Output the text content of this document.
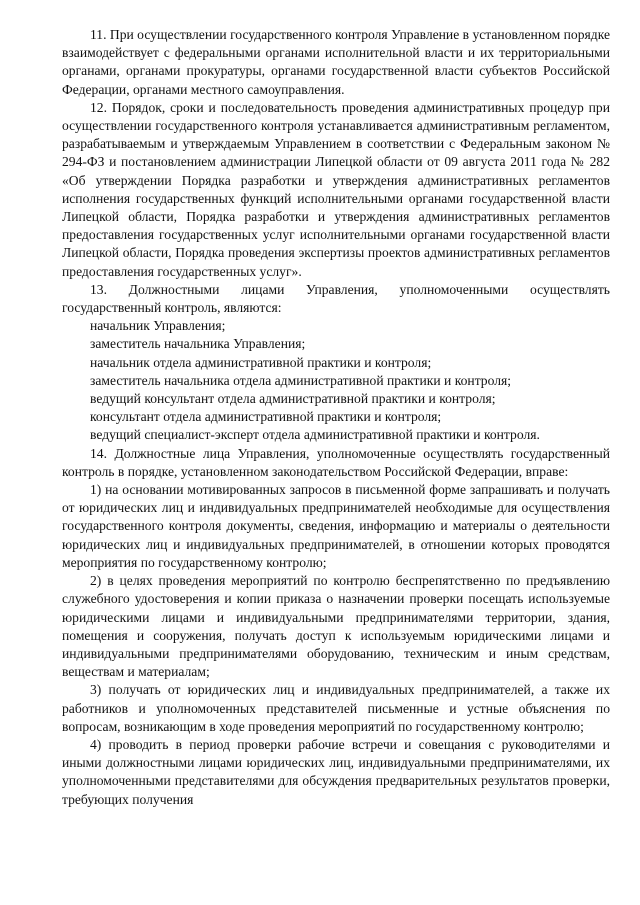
11. При осуществлении государственного контроля Управление в установленном порядке взаимодействует с федеральными органами исполнительной власти и их территориальными органами, органами прокуратуры, органами государственной власти субъектов Российской Федерации, органами местного самоуправления.

12. Порядок, сроки и последовательность проведения административных процедур при осуществлении государственного контроля устанавливается административным регламентом, разрабатываемым и утверждаемым Управлением в соответствии с Федеральным законом № 294-ФЗ и постановлением администрации Липецкой области от 09 августа 2011 года № 282 «Об утверждении Порядка разработки и утверждения административных регламентов исполнения государственных функций исполнительными органами государственной власти Липецкой области, Порядка разработки и утверждения административных регламентов предоставления государственных услуг исполнительными органами государственной власти Липецкой области, Порядка проведения экспертизы проектов административных регламентов предоставления государственных услуг».

13. Должностными лицами Управления, уполномоченными осуществлять государственный контроль, являются:

начальник Управления;

заместитель начальника Управления;

начальник отдела административной практики и контроля;

заместитель начальника отдела административной практики и контроля;

ведущий консультант отдела административной практики и контроля;

консультант отдела административной практики и контроля;

ведущий специалист-эксперт отдела административной практики и контроля.

14. Должностные лица Управления, уполномоченные осуществлять государственный контроль в порядке, установленном законодательством Российской Федерации, вправе:

1) на основании мотивированных запросов в письменной форме запрашивать и получать от юридических лиц и индивидуальных предпринимателей необходимые для осуществления государственного контроля документы, сведения, информацию и материалы о деятельности юридических лиц и индивидуальных предпринимателей, в отношении которых проводятся мероприятия по государственному контролю;

2) в целях проведения мероприятий по контролю беспрепятственно по предъявлению служебного удостоверения и копии приказа о назначении проверки посещать используемые юридическими лицами и индивидуальными предпринимателями территории, здания, помещения и сооружения, получать доступ к используемым юридическими лицами и индивидуальными предпринимателями оборудованию, техническим и иным средствам, веществам и материалам;

3) получать от юридических лиц и индивидуальных предпринимателей, а также их работников и уполномоченных представителей письменные и устные объяснения по вопросам, возникающим в ходе проведения мероприятий по государственному контролю;

4) проводить в период проверки рабочие встречи и совещания с руководителями и иными должностными лицами юридических лиц, индивидуальными предпринимателями, их уполномоченными представителями для обсуждения предварительных результатов проверки, требующих получения
